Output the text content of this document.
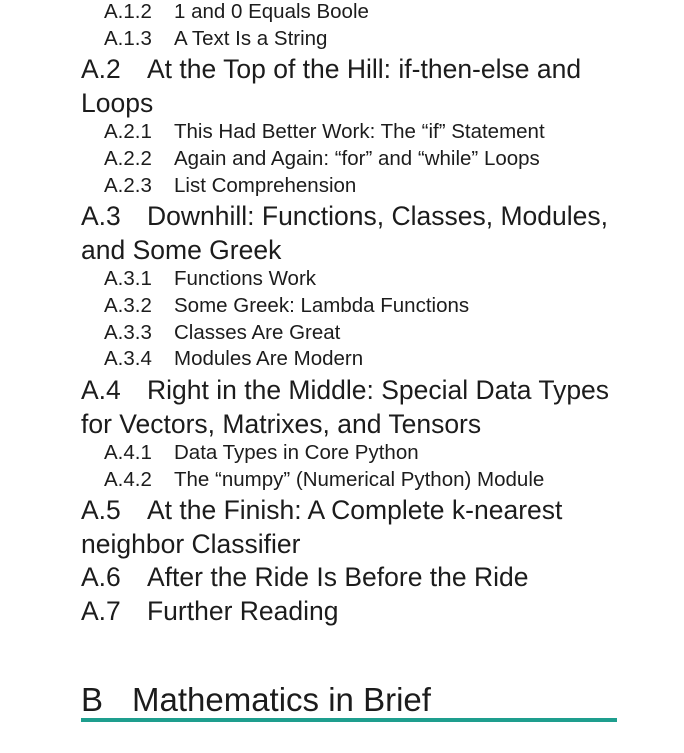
A.1.2 1 and 0 Equals Boole
A.1.3 A Text Is a String
A.2 At the Top of the Hill: if-then-else and Loops
A.2.1 This Had Better Work: The “if” Statement
A.2.2 Again and Again: “for” and “while” Loops
A.2.3 List Comprehension
A.3 Downhill: Functions, Classes, Modules, and Some Greek
A.3.1 Functions Work
A.3.2 Some Greek: Lambda Functions
A.3.3 Classes Are Great
A.3.4 Modules Are Modern
A.4 Right in the Middle: Special Data Types for Vectors, Matrixes, and Tensors
A.4.1 Data Types in Core Python
A.4.2 The “numpy” (Numerical Python) Module
A.5 At the Finish: A Complete k-nearest neighbor Classifier
A.6 After the Ride Is Before the Ride
A.7 Further Reading
B Mathematics in Brief
